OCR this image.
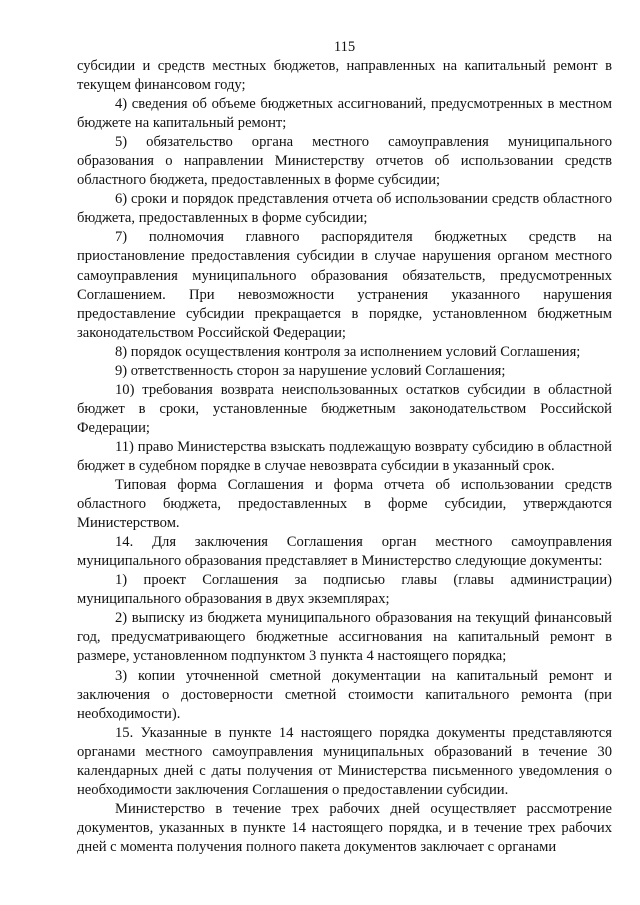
115

субсидии и средств местных бюджетов, направленных на капитальный ремонт в текущем финансовом году;

4) сведения об объеме бюджетных ассигнований, предусмотренных в местном бюджете на капитальный ремонт;

5) обязательство органа местного самоуправления муниципального образования о направлении Министерству отчетов об использовании средств областного бюджета, предоставленных в форме субсидии;

6) сроки и порядок представления отчета об использовании средств областного бюджета, предоставленных в форме субсидии;

7) полномочия главного распорядителя бюджетных средств на приостановление предоставления субсидии в случае нарушения органом местного самоуправления муниципального образования обязательств, предусмотренных Соглашением. При невозможности устранения указанного нарушения предоставление субсидии прекращается в порядке, установленном бюджетным законодательством Российской Федерации;

8) порядок осуществления контроля за исполнением условий Соглашения;

9) ответственность сторон за нарушение условий Соглашения;

10) требования возврата неиспользованных остатков субсидии в областной бюджет в сроки, установленные бюджетным законодательством Российской Федерации;

11) право Министерства взыскать подлежащую возврату субсидию в областной бюджет в судебном порядке в случае невозврата субсидии в указанный срок.

Типовая форма Соглашения и форма отчета об использовании средств областного бюджета, предоставленных в форме субсидии, утверждаются Министерством.

14. Для заключения Соглашения орган местного самоуправления муниципального образования представляет в Министерство следующие документы:

1) проект Соглашения за подписью главы (главы администрации) муниципального образования в двух экземплярах;

2) выписку из бюджета муниципального образования на текущий финансовый год, предусматривающего бюджетные ассигнования на капитальный ремонт в размере, установленном подпунктом 3 пункта 4 настоящего порядка;

3) копии уточненной сметной документации на капитальный ремонт и заключения о достоверности сметной стоимости капитального ремонта (при необходимости).

15. Указанные в пункте 14 настоящего порядка документы представляются органами местного самоуправления муниципальных образований в течение 30 календарных дней с даты получения от Министерства письменного уведомления о необходимости заключения Соглашения о предоставлении субсидии.

Министерство в течение трех рабочих дней осуществляет рассмотрение документов, указанных в пункте 14 настоящего порядка, и в течение трех рабочих дней с момента получения полного пакета документов заключает с органами
